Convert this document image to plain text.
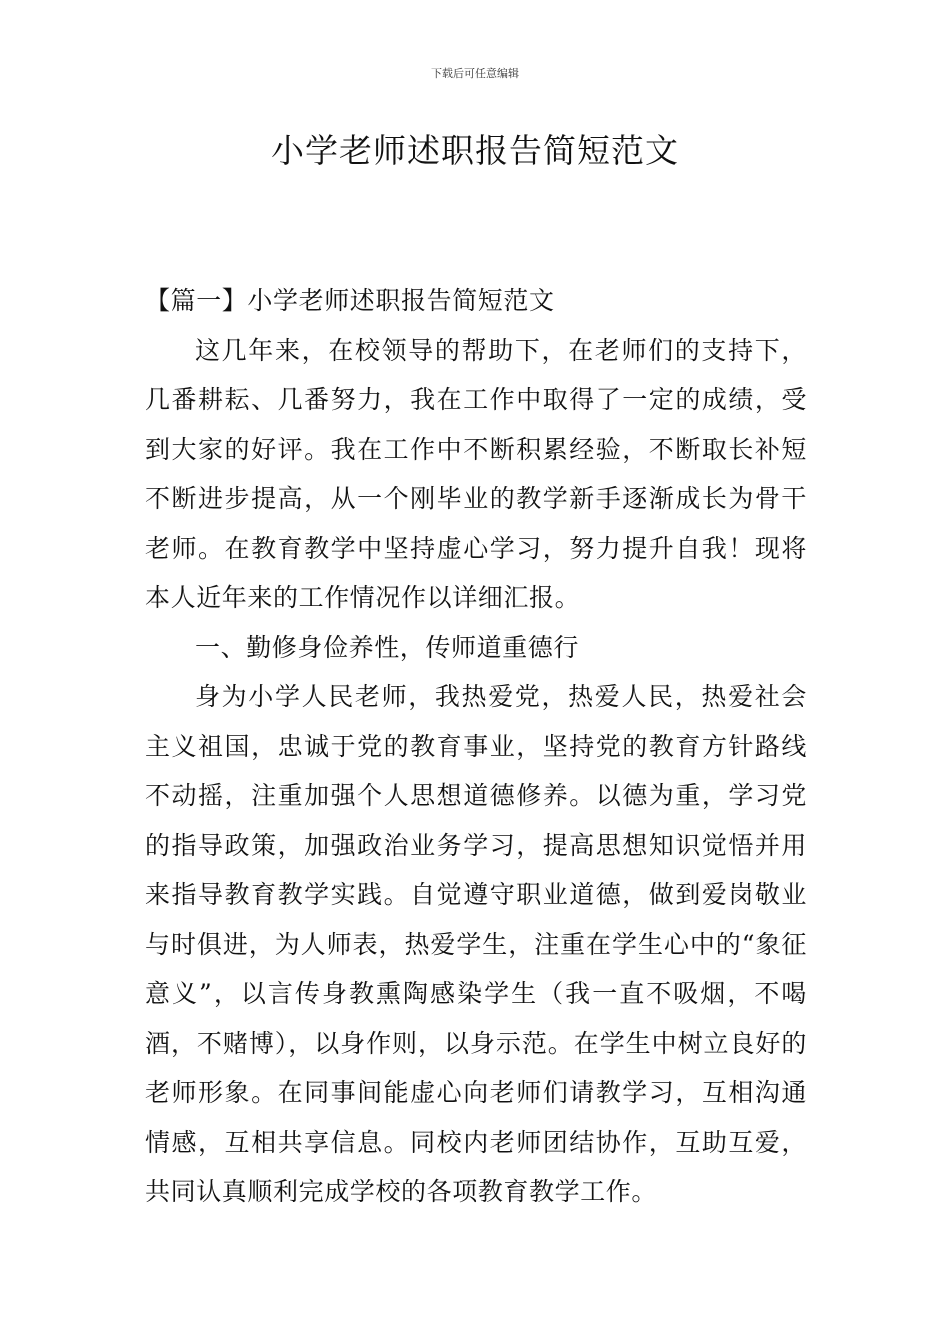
下载后可任意编辑
小学老师述职报告简短范文

【篇一】小学老师述职报告简短范文

这几年来，在校领导的帮助下，在老师们的支持下，几番耕耘、几番努力，我在工作中取得了一定的成绩，受到大家的好评。我在工作中不断积累经验，不断取长补短不断进步提高，从一个刚毕业的教学新手逐渐成长为骨干老师。在教育教学中坚持虚心学习，努力提升自我！现将本人近年来的工作情况作以详细汇报。

一、勤修身俭养性，传师道重德行

身为小学人民老师，我热爱党，热爱人民，热爱社会主义祖国，忠诚于党的教育事业，坚持党的教育方针路线不动摇，注重加强个人思想道德修养。以德为重，学习党的指导政策，加强政治业务学习，提高思想知识觉悟并用来指导教育教学实践。自觉遵守职业道德，做到爱岗敬业与时俱进，为人师表，热爱学生，注重在学生心中的“象征意义”，以言传身教熏陶感染学生（我一直不吸烟，不喝酒，不赌博），以身作则，以身示范。在学生中树立良好的老师形象。在同事间能虚心向老师们请教学习，互相沟通情感，互相共享信息。同校内老师团结协作，互助互爱，共同认真顺利完成学校的各项教育教学工作。
